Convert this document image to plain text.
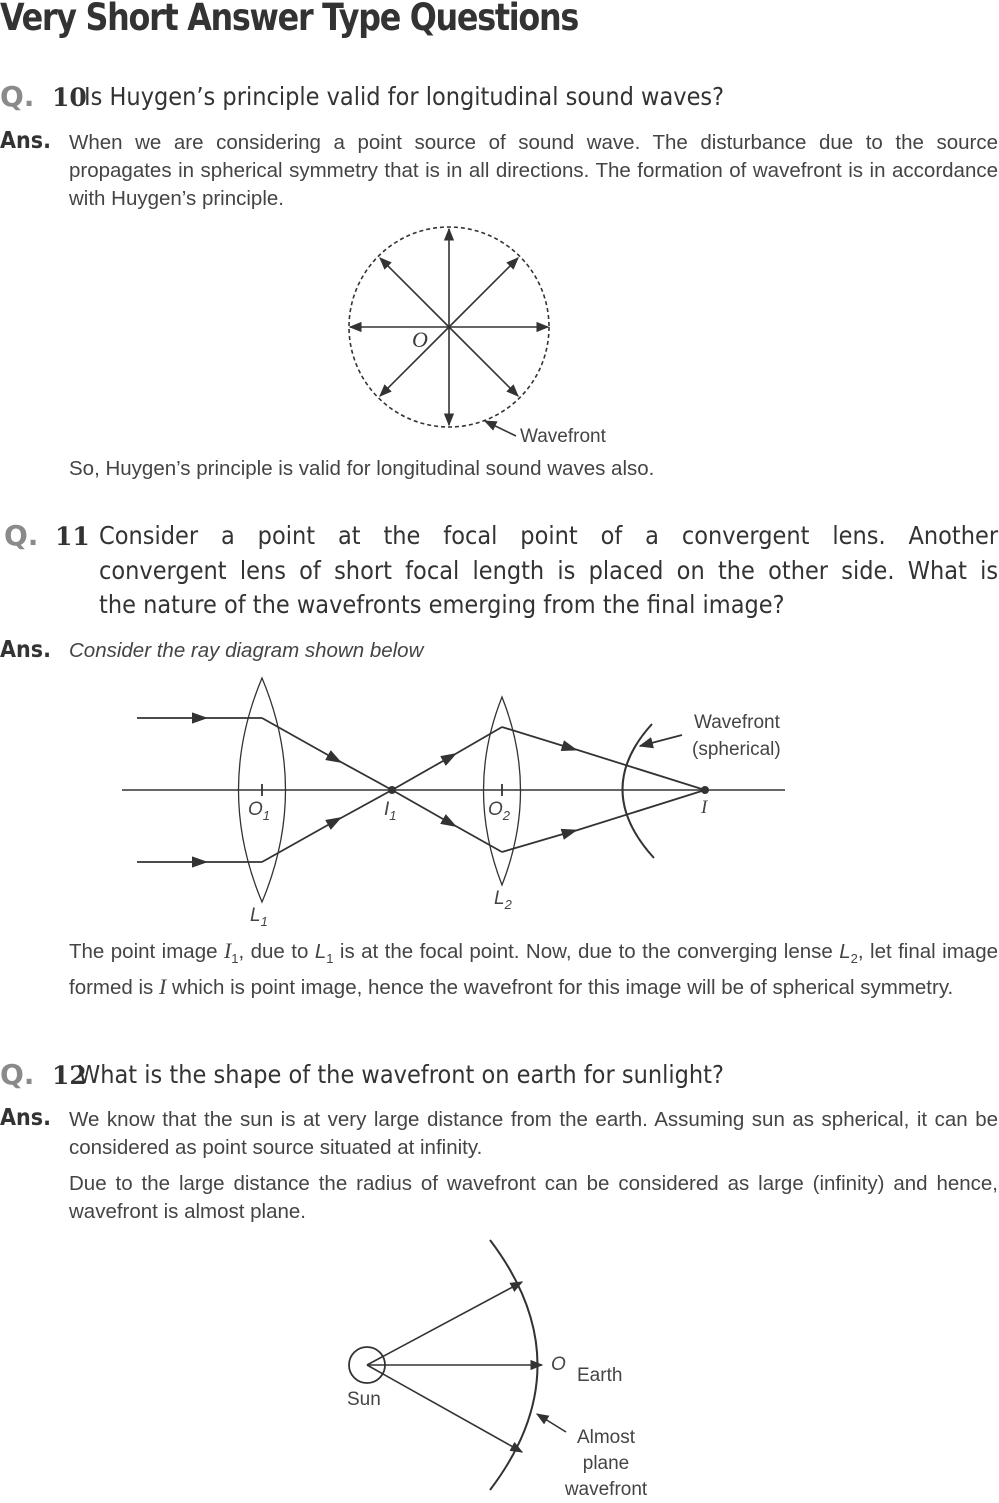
Very Short Answer Type Questions
Q. 10
Is Huygen’s principle valid for longitudinal sound waves?
Ans. When we are considering a point source of sound wave. The disturbance due to the source propagates in spherical symmetry that is in all directions. The formation of wavefront is in accordance with Huygen’s principle.
O
Wavefront
So, Huygen’s principle is valid for longitudinal sound waves also.
Q. 11 Consider a point at the focal point of a convergent lens. Another
convergent lens of short focal length is placed on the other side. What is
the nature of the wavefronts emerging from the final image?
Ans. Consider the ray diagram shown below
$O_1$	$I_1$	$O_2$	I
$L_1$
$L_2$
Wavefront
(spherical)
The point image $I_1$, due to $L_1$ is at the focal point. Now, due to the converging lense $L_2$, let final image formed is I which is point image, hence the wavefront for this image will be of spherical symmetry.
Q. 12
What is the shape of the wavefront on earth for sunlight?
Ans. We know that the sun is at very large distance from the earth. Assuming sun as spherical, it can be considered as point source situated at infinity.
Due to the large distance the radius of wavefront can be considered as large (infinity) and hence, wavefront is almost plane.
Sun
O
Earth
Almost
plane
wavefront
